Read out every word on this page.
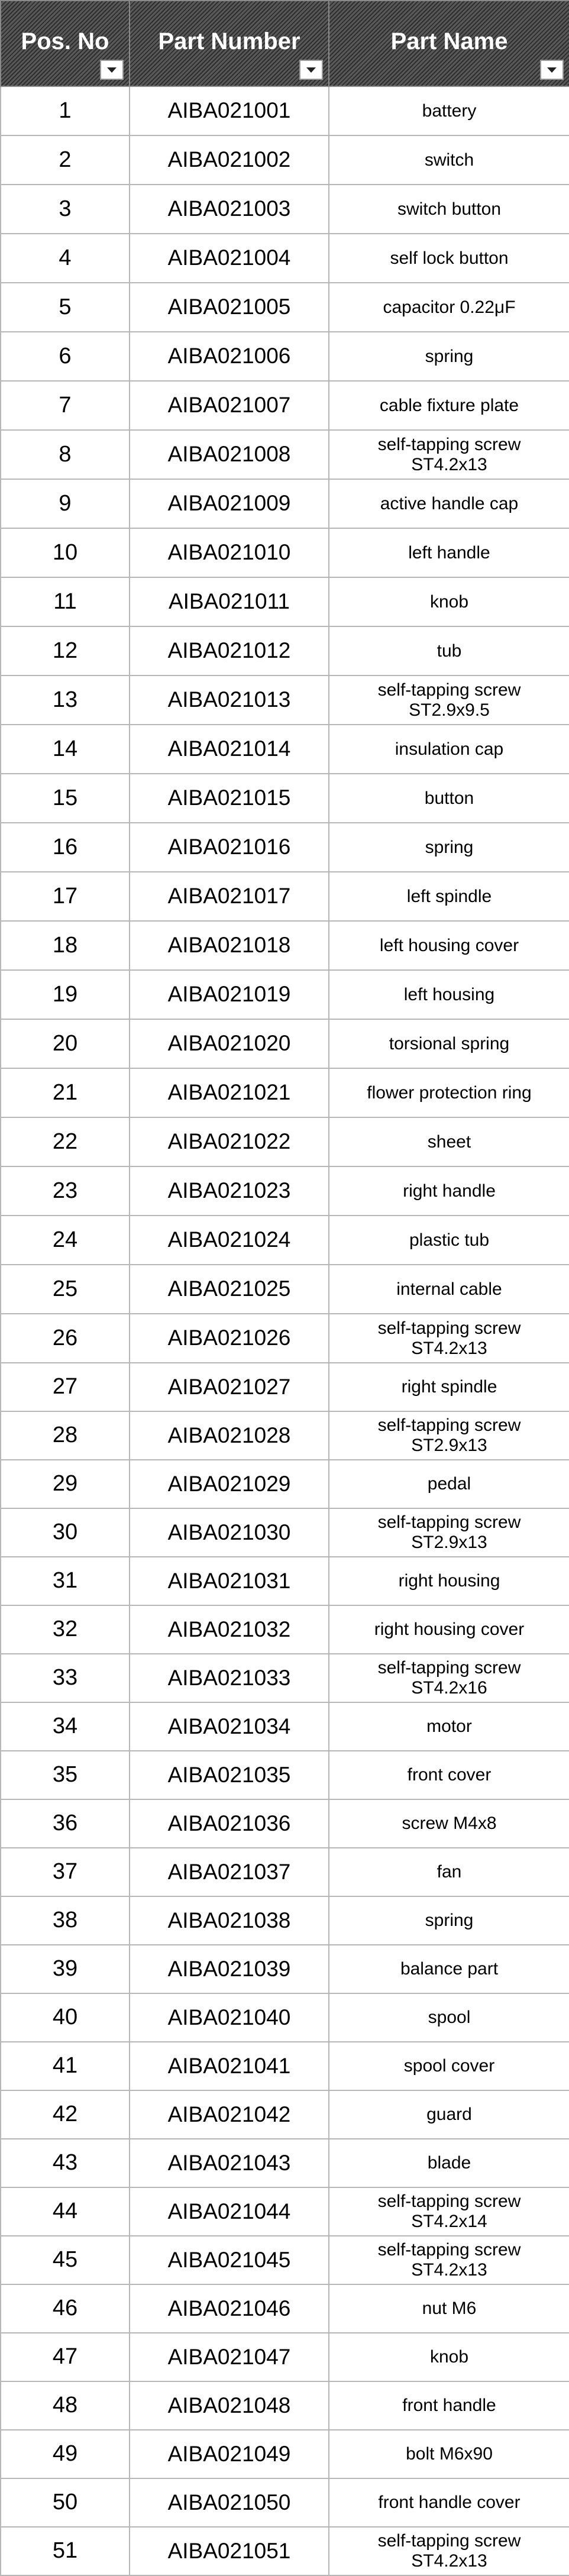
Pos. No	Part Number	Part Name

1	AIBA021001	battery
2	AIBA021002	switch
3	AIBA021003	switch button
4	AIBA021004	self lock button
5	AIBA021005	capacitor 0.22μF
6	AIBA021006	spring
7	AIBA021007	cable fixture plate
8	AIBA021008	self-tapping screw
ST4.2x13
9	AIBA021009	active handle cap
10	AIBA021010	left handle
11	AIBA021011	knob
12	AIBA021012	tub
13	AIBA021013	self-tapping screw
ST2.9x9.5
14	AIBA021014	insulation cap
15	AIBA021015	button
16	AIBA021016	spring
17	AIBA021017	left spindle
18	AIBA021018	left housing cover
19	AIBA021019	left housing
20	AIBA021020	torsional spring
21	AIBA021021	flower protection ring
22	AIBA021022	sheet
23	AIBA021023	right handle
24	AIBA021024	plastic tub
25	AIBA021025	internal cable
26	AIBA021026	self-tapping screw
ST4.2x13
27	AIBA021027	right spindle
28	AIBA021028	self-tapping screw
ST2.9x13
29	AIBA021029	pedal
30	AIBA021030	self-tapping screw
ST2.9x13
31	AIBA021031	right housing
32	AIBA021032	right housing cover
33	AIBA021033	self-tapping screw
ST4.2x16
34	AIBA021034	motor
35	AIBA021035	front cover
36	AIBA021036	screw M4x8
37	AIBA021037	fan
38	AIBA021038	spring
39	AIBA021039	balance part
40	AIBA021040	spool
41	AIBA021041	spool cover
42	AIBA021042	guard
43	AIBA021043	blade
44	AIBA021044	self-tapping screw
ST4.2x14
45	AIBA021045	self-tapping screw
ST4.2x13
46	AIBA021046	nut M6
47	AIBA021047	knob
48	AIBA021048	front handle
49	AIBA021049	bolt M6x90
50	AIBA021050	front handle cover
51	AIBA021051	self-tapping screw
ST4.2x13
